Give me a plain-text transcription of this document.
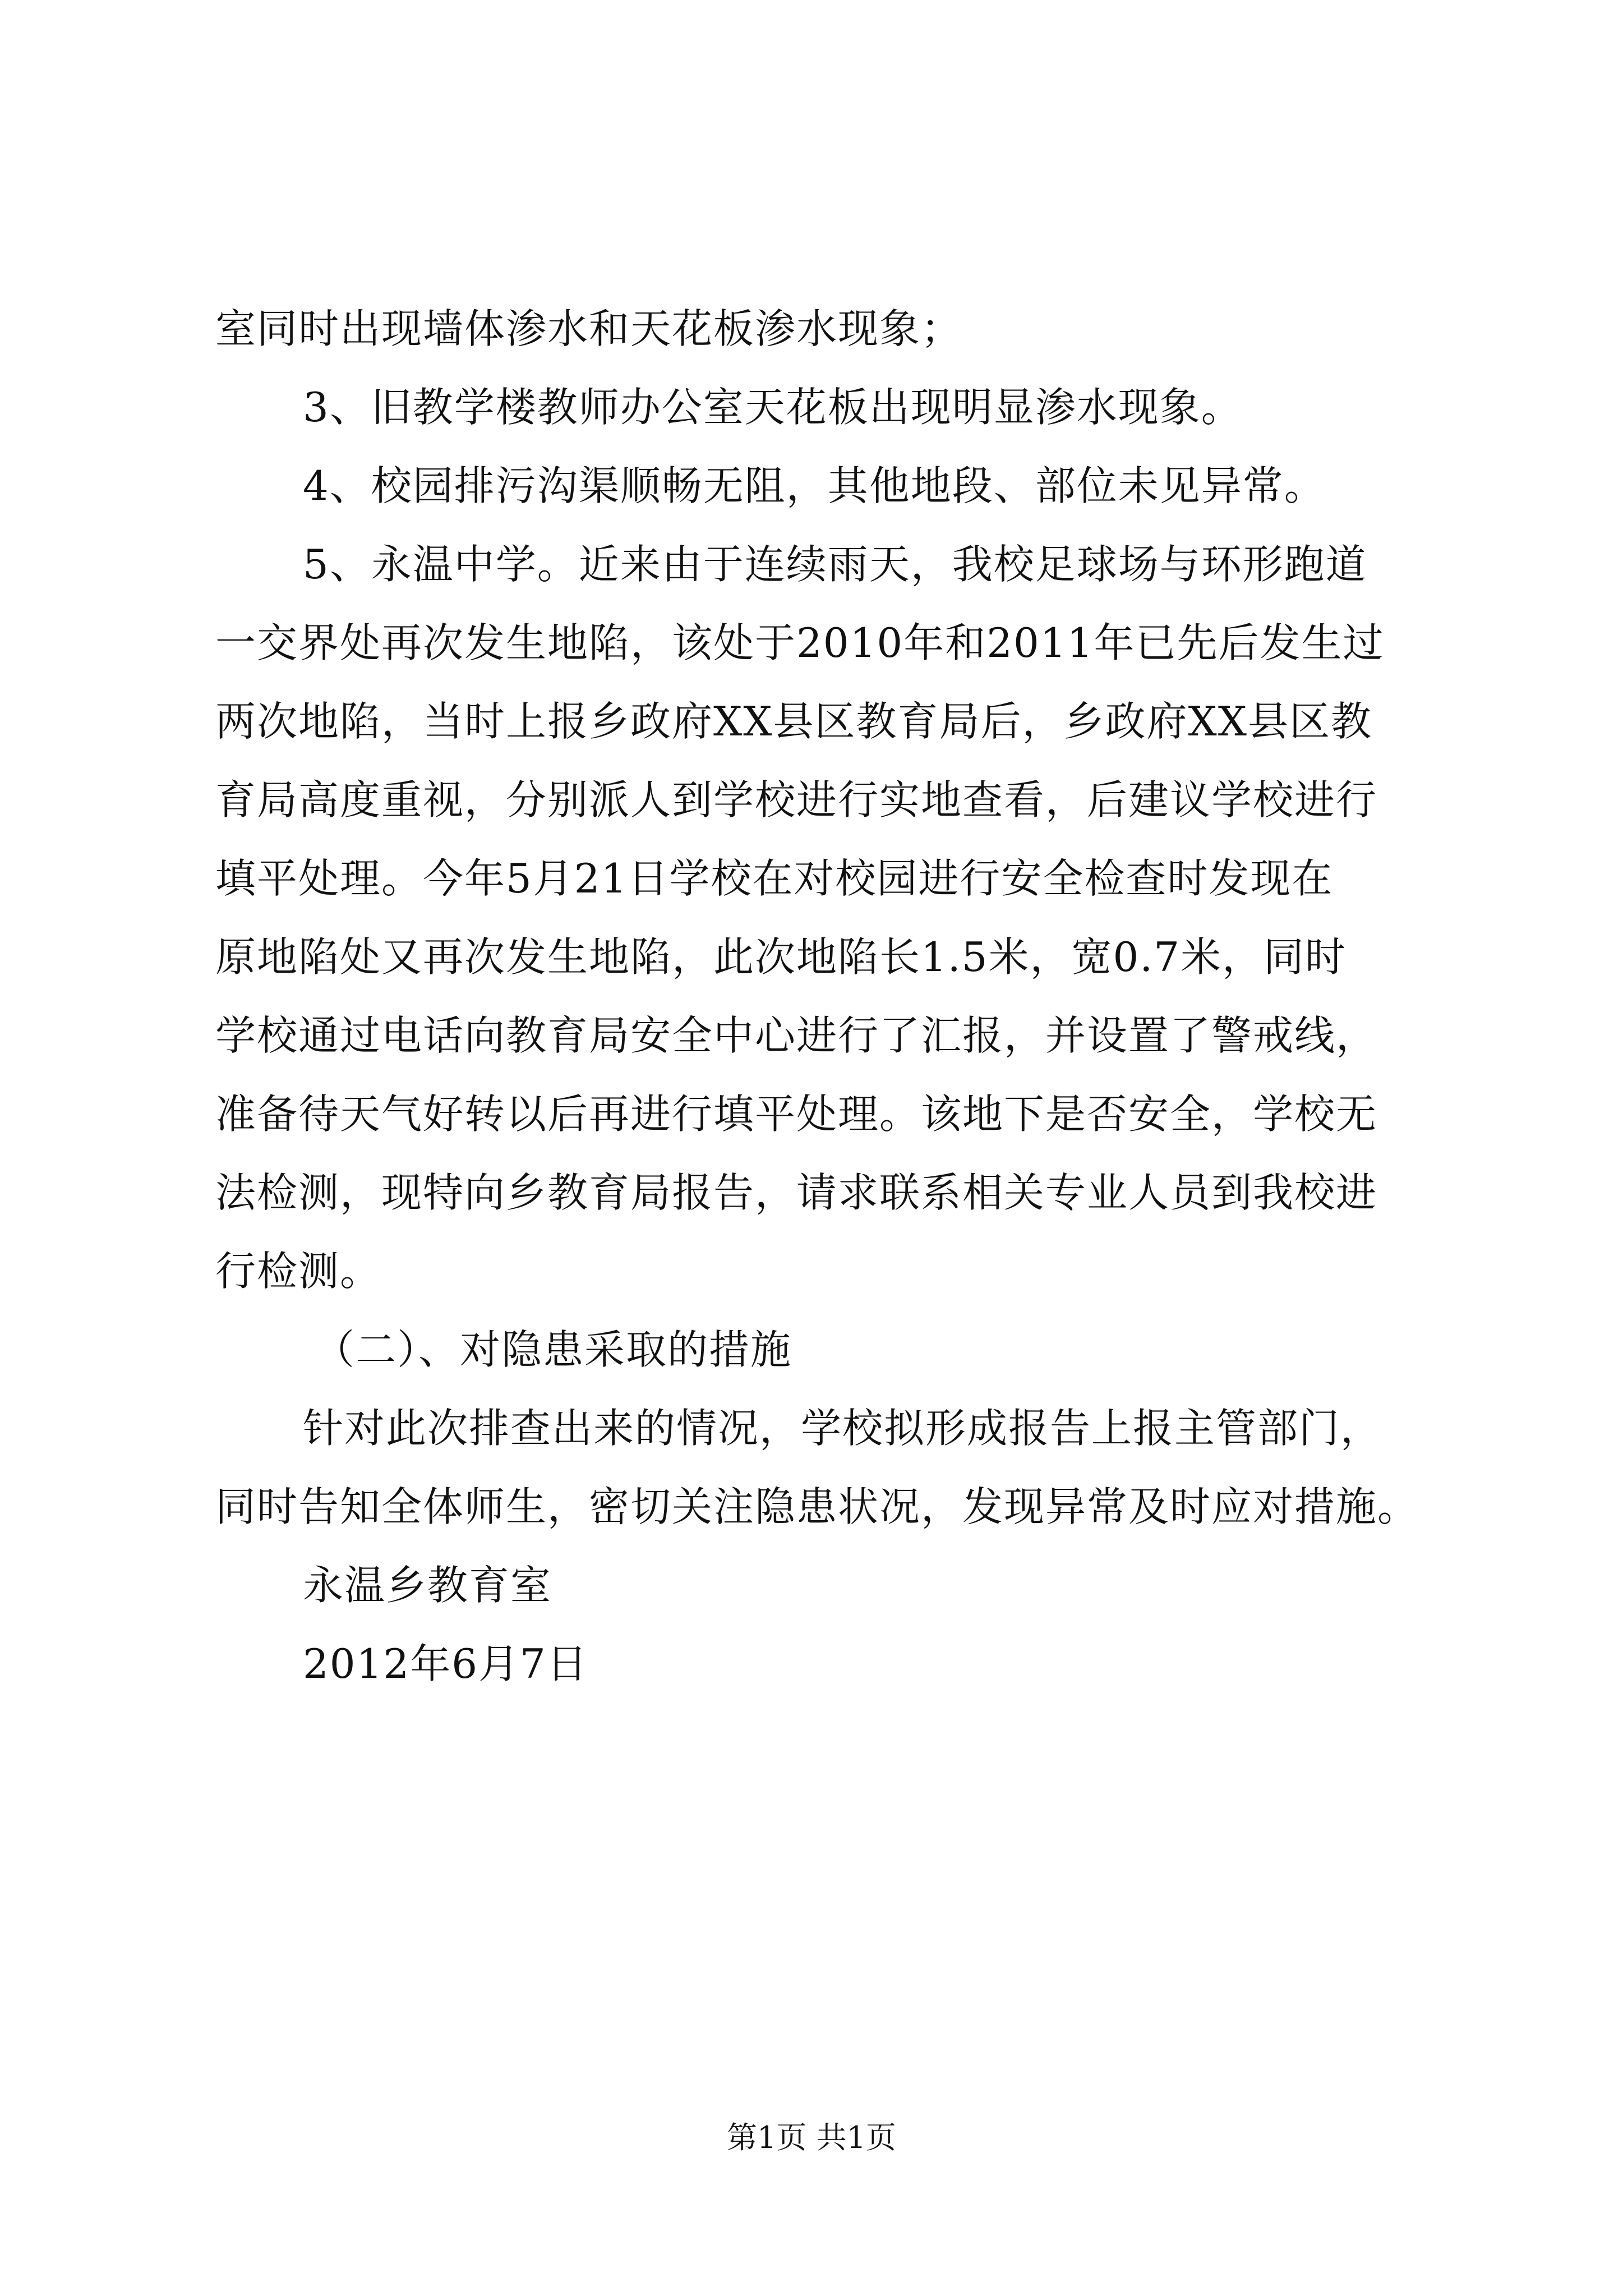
室同时出现墙体渗水和天花板渗水现象；
3、旧教学楼教师办公室天花板出现明显渗水现象。
4、校园排污沟渠顺畅无阻，其他地段、部位未见异常。
5、永温中学。近来由于连续雨天，我校足球场与环形跑道
一交界处再次发生地陷，该处于2010年和2011年已先后发生过
两次地陷，当时上报乡政府XX县区教育局后，乡政府XX县区教
育局高度重视，分别派人到学校进行实地查看，后建议学校进行
填平处理。今年5月21日学校在对校园进行安全检查时发现在
原地陷处又再次发生地陷，此次地陷长1.5米，宽0.7米，同时
学校通过电话向教育局安全中心进行了汇报，并设置了警戒线，
准备待天气好转以后再进行填平处理。该地下是否安全，学校无
法检测，现特向乡教育局报告，请求联系相关专业人员到我校进
行检测。
（二）、对隐患采取的措施
针对此次排查出来的情况，学校拟形成报告上报主管部门，
同时告知全体师生，密切关注隐患状况，发现异常及时应对措施。
永温乡教育室
2012年6月7日
第1页 共1页
